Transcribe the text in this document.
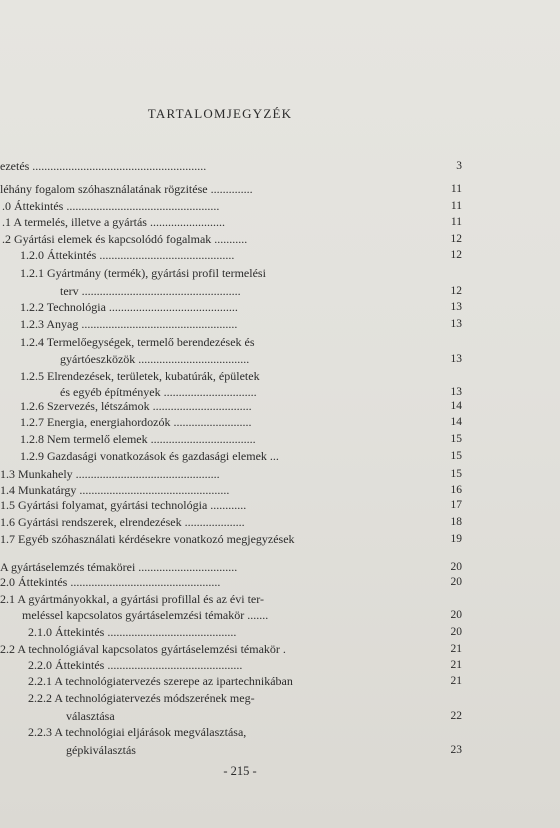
TARTALOMJEGYZÉK
ezetés ..........................................................	3
léhány fogalom szóhasználatának rögzitése ..............	11
.0 Áttekintés ...................................................	11
.1 A termelés, illetve a gyártás .........................	11
.2 Gyártási elemek és kapcsolódó fogalmak ...........	12
1.2.0 Áttekintés .............................................	12
1.2.1 Gyártmány (termék), gyártási profil termelési
terv .....................................................	12
1.2.2 Technológia ...........................................	13
1.2.3 Anyag ....................................................	13
1.2.4 Termelőegységek, termelő berendezések és
gyártóeszközök .....................................	13
1.2.5 Elrendezések, területek, kubatúrák, épületek
és egyéb építmények ...............................	13
1.2.6 Szervezés, létszámok .................................	14
1.2.7 Energia, energiahordozók ..........................	14
1.2.8 Nem termelő elemek ...................................	15
1.2.9 Gazdasági vonatkozások és gazdasági elemek ...	15
1.3 Munkahely ................................................	15
1.4 Munkatárgy ..................................................	16
1.5 Gyártási folyamat, gyártási technológia ............	17
1.6 Gyártási rendszerek, elrendezések ....................	18
1.7 Egyéb szóhasználati kérdésekre vonatkozó megjegyzések	19
A gyártáselemzés témakörei .................................	20
2.0 Áttekintés ..................................................	20
2.1 A gyártmányokkal, a gyártási profillal és az évi ter-
meléssel kapcsolatos gyártáselemzési témakör .......	20
2.1.0 Áttekintés ...........................................	20
2.2 A technológiával kapcsolatos gyártáselemzési témakör .	21
2.2.0 Áttekintés .............................................	21
2.2.1 A technológiatervezés szerepe az ipartechnikában	21
2.2.2 A technológiatervezés módszerének meg-
választása	22
2.2.3 A technológiai eljárások megválasztása,
gépkiválasztás	23
- 215 -
